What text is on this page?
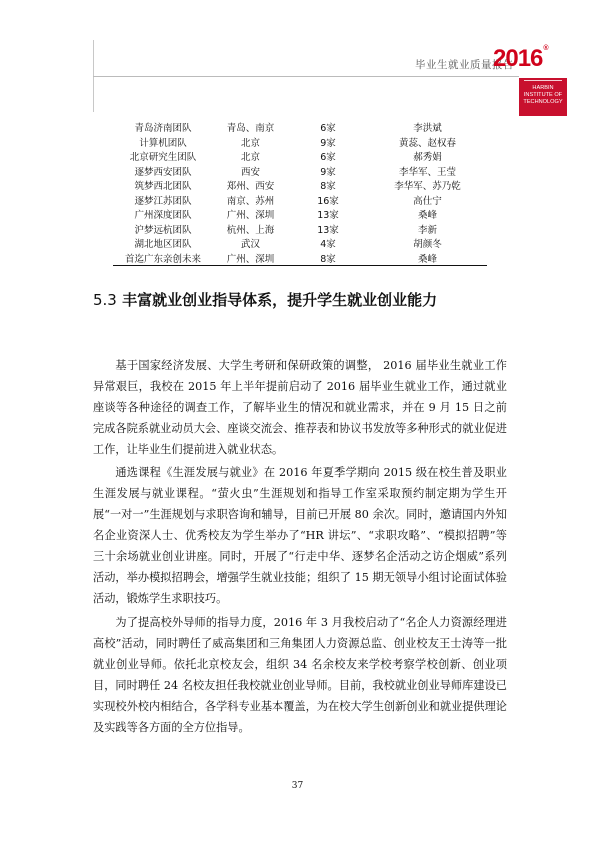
毕业生就业质量报告
2016®
HARBIN
INSTITUTE OF
TECHNOLOGY
青岛济南团队	青岛、南京	6家	李洪斌
计算机团队	北京	9家	黄蕊、赵权春
北京研究生团队	北京	6家	郝秀娟
逐梦西安团队	西安	9家	李华军、王莹
筑梦西北团队	郑州、西安	8家	李华军、苏乃乾
逐梦江苏团队	南京、苏州	16家	高仕宁
广州深度团队	广州、深圳	13家	桑峰
沪梦远杭团队	杭州、上海	13家	李新
湖北地区团队	武汉	4家	胡颜冬
首迄广东亲创未来	广州、深圳	8家	桑峰
5.3 丰富就业创业指导体系，提升学生就业创业能力

基于国家经济发展、大学生考研和保研政策的调整， 2016 届毕业生就业工作异常艰巨，我校在 2015 年上半年提前启动了 2016 届毕业生就业工作，通过就业座谈等各种途径的调查工作，了解毕业生的情况和就业需求，并在 9 月 15 日之前完成各院系就业动员大会、座谈交流会、推荐表和协议书发放等多种形式的就业促进工作，让毕业生们提前进入就业状态。

通选课程《生涯发展与就业》在 2016 年夏季学期向 2015 级在校生普及职业生涯发展与就业课程。“萤火虫”生涯规划和指导工作室采取预约制定期为学生开展“一对一”生涯规划与求职咨询和辅导，目前已开展 80 余次。同时，邀请国内外知名企业资深人士、优秀校友为学生举办了“HR 讲坛”、“求职攻略”、“模拟招聘”等三十余场就业创业讲座。同时，开展了“行走中华、逐梦名企活动之访企烟威”系列活动，举办模拟招聘会，增强学生就业技能；组织了 15 期无领导小组讨论面试体验活动，锻炼学生求职技巧。

为了提高校外导师的指导力度，2016 年 3 月我校启动了“名企人力资源经理进高校”活动，同时聘任了威高集团和三角集团人力资源总监、创业校友王士涛等一批就业创业导师。依托北京校友会，组织 34 名余校友来学校考察学校创新、创业项目，同时聘任 24 名校友担任我校就业创业导师。目前，我校就业创业导师库建设已实现校外校内相结合，各学科专业基本覆盖，为在校大学生创新创业和就业提供理论及实践等各方面的全方位指导。

37
